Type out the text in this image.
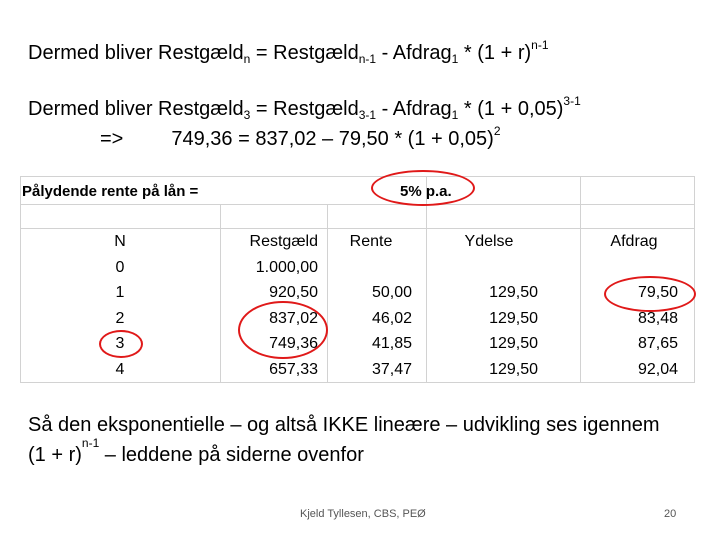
Dermed bliver Restgæld$_n$ = Restgæld$_{n-1}$ - Afdrag$_1$ * $(1 + r)^{n-1}$
Dermed bliver Restgæld$_3$ = Restgæld$_{3-1}$ - Afdrag$_1$ * $(1 + 0,05)^{3-1}$
=> $749,36 = 837,02 - 79,50 * (1 + 0,05)^2$
Pålydende rente på lån =	5% p.a.
N
0
1
2
3
4
Restgæld
1.000,00
920,50
837,02
749,36
657,33
Rente
50,00
46,02
41,85
37,47
Ydelse
129,50
129,50
129,50
129,50
Afdrag
79,50
83,48
87,65
92,04
Så den eksponentielle – og altså IKKE lineære – udvikling ses igennem $(1 + r)^{n-1}$ – leddene på siderne ovenfor
Kjeld Tyllesen, CBS, PEØ	20
